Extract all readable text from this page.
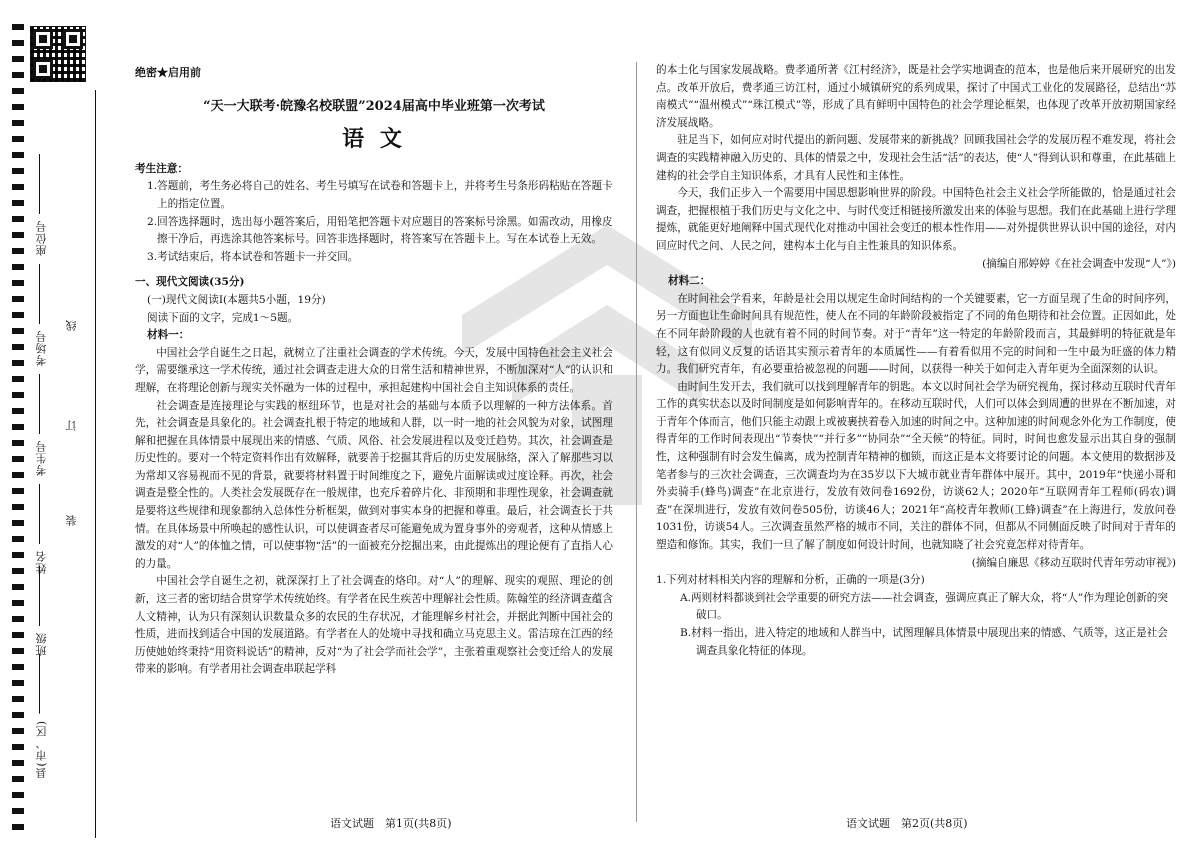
座位号
考场号
考生号
姓名
班级
县(市、区)
线
订
装
绝密★启用前
“天一大联考·皖豫名校联盟”2024届高中毕业班第一次考试
语 文
考生注意：
1.答题前，考生务必将自己的姓名、考生号填写在试卷和答题卡上，并将考生号条形码粘贴在答题卡上的指定位置。
2.回答选择题时，选出每小题答案后，用铅笔把答题卡对应题目的答案标号涂黑。如需改动，用橡皮擦干净后，再选涂其他答案标号。回答非选择题时，将答案写在答题卡上。写在本试卷上无效。
3.考试结束后，将本试卷和答题卡一并交回。
一、现代文阅读(35分)
(一)现代文阅读Ⅰ(本题共5小题，19分)
阅读下面的文字，完成1～5题。
材料一：

中国社会学自诞生之日起，就树立了注重社会调查的学术传统。今天，发展中国特色社会主义社会学，需要继承这一学术传统，通过社会调查走进大众的日常生活和精神世界，不断加深对“人”的认识和理解，在将理论创新与现实关怀融为一体的过程中，承担起建构中国社会自主知识体系的责任。

社会调查是连接理论与实践的枢纽环节，也是对社会的基础与本质予以理解的一种方法体系。首先，社会调查是具象化的。社会调查扎根于特定的地域和人群，以一时一地的社会风貌为对象，试图理解和把握在具体情景中展现出来的情感、气质、风俗、社会发展进程以及变迁趋势。其次，社会调查是历史性的。要对一个特定资料作出有效解释，就要善于挖掘其背后的历史发展脉络，深入了解那些习以为常却又容易视而不见的背景，就要将材料置于时间维度之下，避免片面解读或过度诠释。再次，社会调查是整全性的。人类社会发展既存在一般规律，也充斥着碎片化、非预期和非理性现象，社会调查就是要将这些规律和现象都纳入总体性分析框架，做到对事实本身的把握和尊重。最后，社会调查长于共情。在具体场景中所唤起的感性认识，可以使调查者尽可能避免成为置身事外的旁观者，这种从情感上激发的对“人”的体恤之情，可以使事物“活”的一面被充分挖掘出来，由此提炼出的理论便有了直指人心的力量。

中国社会学自诞生之初，就深深打上了社会调查的烙印。对“人”的理解、现实的观照、理论的创新，这三者的密切结合贯穿学术传统始终。有学者在民生疾苦中理解社会性质。陈翰笙的经济调查蕴含人文精神，认为只有深刻认识数量众多的农民的生存状况，才能理解乡村社会，并据此判断中国社会的性质，进而找到适合中国的发展道路。有学者在人的处境中寻找和确立马克思主义。雷洁琼在江西的经历使她始终秉持“用资料说话”的精神，反对“为了社会学而社会学”，主张着重观察社会变迁给人的发展带来的影响。有学者用社会调查串联起学科

的本土化与国家发展战略。费孝通所著《江村经济》，既是社会学实地调查的范本，也是他后来开展研究的出发点。改革开放后，费孝通三访江村，通过小城镇研究的系列成果，探讨了中国式工业化的发展路径，总结出“苏南模式”“温州模式”“珠江模式”等，形成了具有鲜明中国特色的社会学理论框架，也体现了改革开放初期国家经济发展战略。

驻足当下，如何应对时代提出的新问题、发展带来的新挑战？回顾我国社会学的发展历程不难发现，将社会调查的实践精神融入历史的、具体的情景之中，发现社会生活“活”的表达，使“人”得到认识和尊重，在此基础上建构的社会学自主知识体系，才具有人民性和主体性。

今天，我们正步入一个需要用中国思想影响世界的阶段。中国特色社会主义社会学所能做的，恰是通过社会调查，把握根植于我们历史与文化之中、与时代变迁相链接所激发出来的体验与思想。我们在此基础上进行学理提炼，就能更好地阐释中国式现代化对推动中国社会变迁的根本性作用——对外提供世界认识中国的途径，对内回应时代之问、人民之问，建构本土化与自主性兼具的知识体系。

(摘编自邢婷婷《在社会调查中发现“人”》)
材料二：

在时间社会学看来，年龄是社会用以规定生命时间结构的一个关键要素，它一方面呈现了生命的时间序列，另一方面也让生命时间具有规范性，使人在不同的年龄阶段被指定了不同的角色期待和社会位置。正因如此，处在不同年龄阶段的人也就有着不同的时间节奏。对于“青年”这一特定的年龄阶段而言，其最鲜明的特征就是年轻，这有似同义反复的话语其实预示着青年的本质属性——有着看似用不完的时间和一生中最为旺盛的体力精力。我们研究青年，有必要重拾被忽视的问题——时间，以获得一种关于如何走入青年更为全面深刻的认识。

由时间生发开去，我们就可以找到理解青年的钥匙。本文以时间社会学为研究视角，探讨移动互联时代青年工作的真实状态以及时间制度是如何影响青年的。在移动互联时代，人们可以体会到周遭的世界在不断加速，对于青年个体而言，他们只能主动跟上或被裹挟着卷入加速的时间之中。这种加速的时间观念外化为工作制度，使得青年的工作时间表现出“节奏快”“并行多”“协同杂”“全天候”的特征。同时，时间也愈发显示出其自身的强制性，这种强制有时会发生偏离，成为控制青年精神的枷锁，而这正是本文将要讨论的问题。本文使用的数据涉及笔者参与的三次社会调查，三次调查均为在35岁以下大城市就业青年群体中展开。其中，2019年“快递小哥和外卖骑手(蜂鸟)调查”在北京进行，发放有效问卷1692份，访谈62人；2020年“互联网青年工程师(码农)调查”在深圳进行，发放有效问卷505份，访谈46人；2021年“高校青年教师(工蜂)调查”在上海进行，发放问卷1031份，访谈54人。三次调查虽然严格的城市不同，关注的群体不同，但都从不同侧面反映了时间对于青年的塑造和修饰。其实，我们一旦了解了制度如何设计时间，也就知晓了社会究竟怎样对待青年。

(摘编自廉思《移动互联时代青年劳动审视》)
1.下列对材料相关内容的理解和分析，正确的一项是(3分)
A.两则材料都谈到社会学重要的研究方法——社会调查，强调应真正了解大众，将“人”作为理论创新的突破口。
B.材料一指出，进入特定的地域和人群当中，试图理解具体情景中展现出来的情感、气质等，这正是社会调查具象化特征的体现。
语文试题　第1页(共8页)	语文试题　第2页(共8页)
